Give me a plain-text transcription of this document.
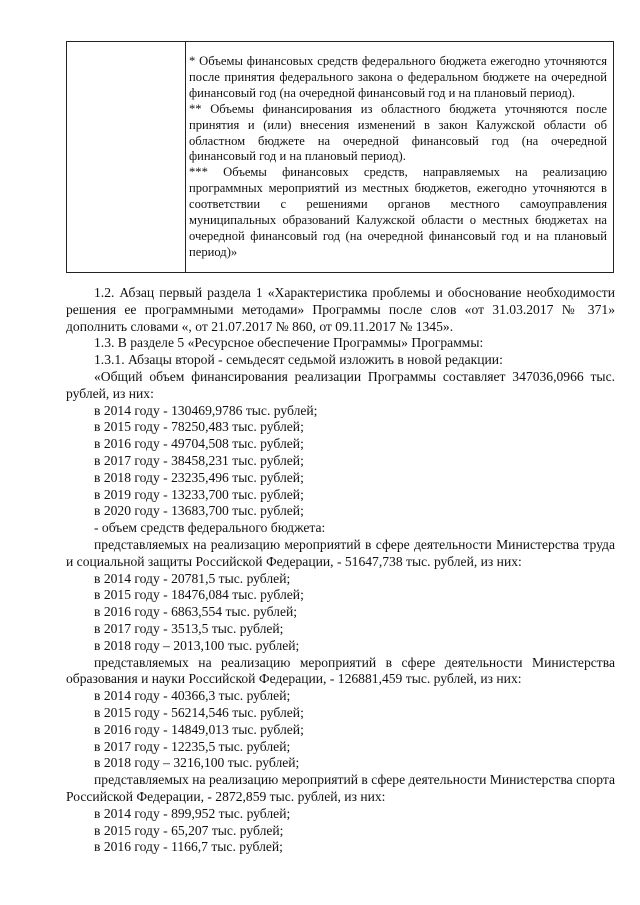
* Объемы финансовых средств федерального бюджета ежегодно уточняются после принятия федерального закона о федеральном бюджете на очередной финансовый год (на очередной финансовый год и на плановый период).

** Объемы финансирования из областного бюджета уточняются после принятия и (или) внесения изменений в закон Калужской области об областном бюджете на очередной финансовый год (на очередной финансовый год и на плановый период).

*** Объемы финансовых средств, направляемых на реализацию программных мероприятий из местных бюджетов, ежегодно уточняются в соответствии с решениями органов местного самоуправления муниципальных образований Калужской области о местных бюджетах на очередной финансовый год (на очередной финансовый год и на плановый период)»

1.2. Абзац первый раздела 1 «Характеристика проблемы и обоснование необходимости решения ее программными методами» Программы после слов «от 31.03.2017 № 371» дополнить словами «, от 21.07.2017 № 860, от 09.11.2017 № 1345».

1.3. В разделе 5 «Ресурсное обеспечение Программы» Программы:

1.3.1. Абзацы второй - семьдесят седьмой изложить в новой редакции:

«Общий объем финансирования реализации Программы составляет 347036,0966 тыс. рублей, из них:

в 2014 году - 130469,9786 тыс. рублей;

в 2015 году - 78250,483 тыс. рублей;

в 2016 году - 49704,508 тыс. рублей;

в 2017 году - 38458,231 тыс. рублей;

в 2018 году - 23235,496 тыс. рублей;

в 2019 году - 13233,700 тыс. рублей;

в 2020 году - 13683,700 тыс. рублей;

- объем средств федерального бюджета:

представляемых на реализацию мероприятий в сфере деятельности Министерства труда и социальной защиты Российской Федерации, - 51647,738 тыс. рублей, из них:

в 2014 году - 20781,5 тыс. рублей;

в 2015 году - 18476,084 тыс. рублей;

в 2016 году - 6863,554 тыс. рублей;

в 2017 году - 3513,5 тыс. рублей;

в 2018 году – 2013,100 тыс. рублей;

представляемых на реализацию мероприятий в сфере деятельности Министерства образования и науки Российской Федерации, - 126881,459 тыс. рублей, из них:

в 2014 году - 40366,3 тыс. рублей;

в 2015 году - 56214,546 тыс. рублей;

в 2016 году - 14849,013 тыс. рублей;

в 2017 году - 12235,5 тыс. рублей;

в 2018 году – 3216,100 тыс. рублей;

представляемых на реализацию мероприятий в сфере деятельности Министерства спорта Российской Федерации, - 2872,859 тыс. рублей, из них:

в 2014 году - 899,952 тыс. рублей;

в 2015 году - 65,207 тыс. рублей;

в 2016 году - 1166,7 тыс. рублей;
